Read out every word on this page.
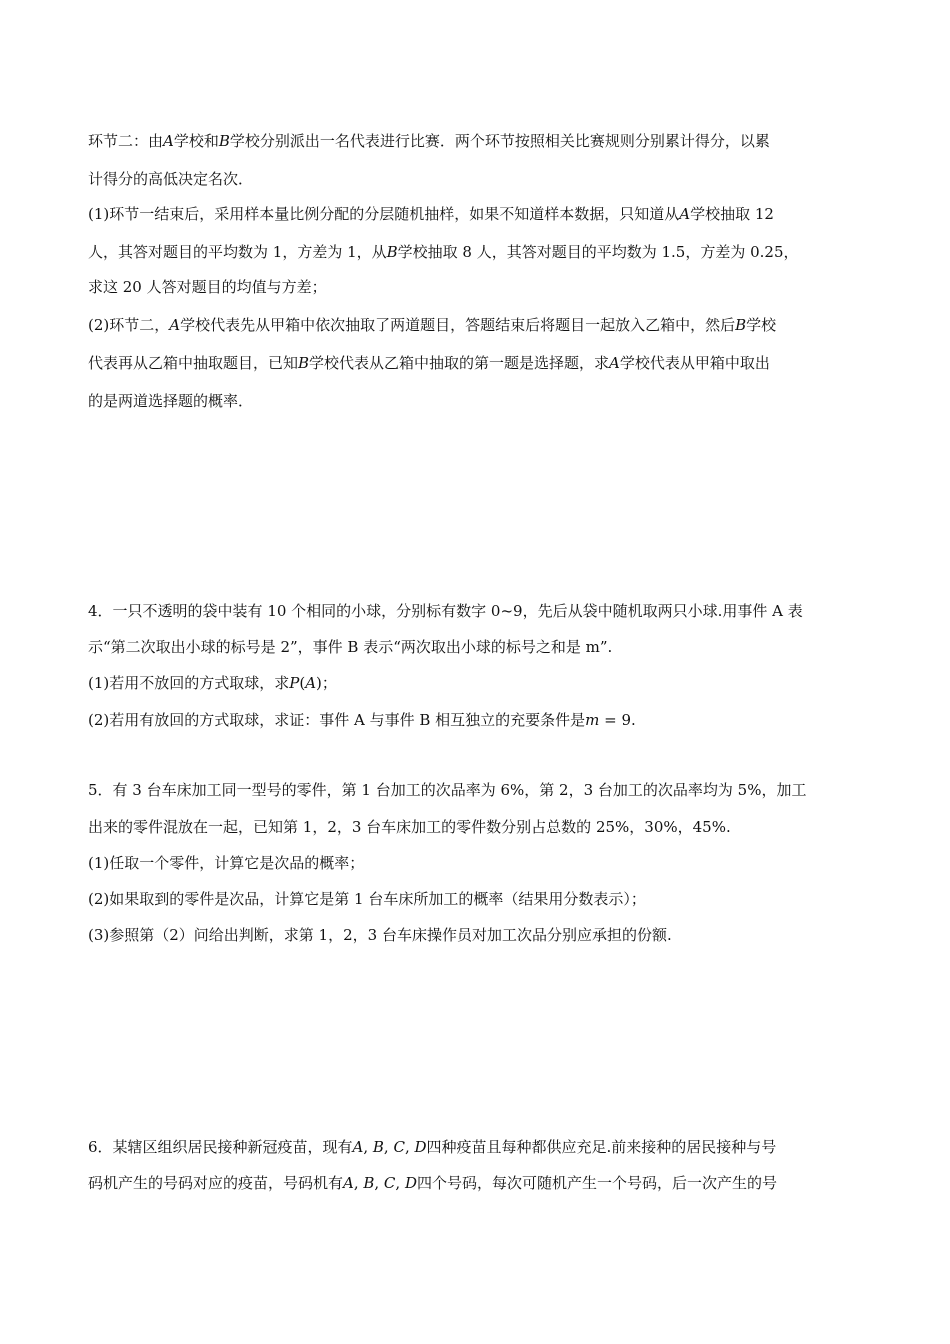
环节二：由𝐴学校和𝐵学校分别派出一名代表进行比赛．两个环节按照相关比赛规则分别累计得分，以累
计得分的高低决定名次．
(1)环节一结束后，采用样本量比例分配的分层随机抽样，如果不知道样本数据，只知道从𝐴学校抽取 12
人，其答对题目的平均数为 1，方差为 1，从𝐵学校抽取 8 人，其答对题目的平均数为 1.5，方差为 0.25，
求这 20 人答对题目的均值与方差；
(2)环节二，𝐴学校代表先从甲箱中依次抽取了两道题目，答题结束后将题目一起放入乙箱中，然后𝐵学校
代表再从乙箱中抽取题目，已知𝐵学校代表从乙箱中抽取的第一题是选择题，求𝐴学校代表从甲箱中取出
的是两道选择题的概率．
4．一只不透明的袋中装有 10 个相同的小球，分别标有数字 0~9，先后从袋中随机取两只小球.用事件 A 表
示“第二次取出小球的标号是 2”，事件 B 表示“两次取出小球的标号之和是 m”.
(1)若用不放回的方式取球，求𝑃(𝐴)；
(2)若用有放回的方式取球，求证：事件 A 与事件 B 相互独立的充要条件是𝑚 = 9.
5．有 3 台车床加工同一型号的零件，第 1 台加工的次品率为 6%，第 2，3 台加工的次品率均为 5%，加工
出来的零件混放在一起，已知第 1，2，3 台车床加工的零件数分别占总数的 25%，30%，45%.
(1)任取一个零件，计算它是次品的概率；
(2)如果取到的零件是次品，计算它是第 1 台车床所加工的概率（结果用分数表示）；
(3)参照第（2）问给出判断，求第 1，2，3 台车床操作员对加工次品分别应承担的份额.
6．某辖区组织居民接种新冠疫苗，现有𝐴, 𝐵, 𝐶, 𝐷四种疫苗且每种都供应充足.前来接种的居民接种与号
码机产生的号码对应的疫苗，号码机有𝐴, 𝐵, 𝐶, 𝐷四个号码，每次可随机产生一个号码，后一次产生的号
